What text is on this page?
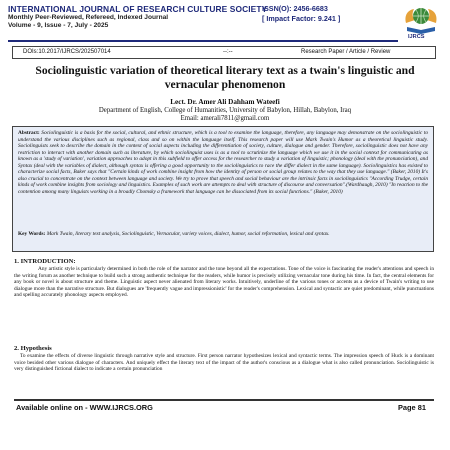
INTERNATIONAL JOURNAL OF RESEARCH CULTURE SOCIETY
Monthly Peer-Reviewed, Refereed, Indexed Journal
Volume - 9, Issue - 7, July - 2025
ISSN(O): 2456-6683
[ Impact Factor: 9.241 ]
IJRCS
DOIs:10.2017/IJRCS/202507014	--:--	Research Paper / Article / Review
Sociolinguistic variation of theoretical literary text as a twain's linguistic and vernacular phenomenon
Lect. Dr. Amer Ali Dahham Wateefi
Department of English, College of Humanities, University of Babylon, Hillah, Babylon, Iraq
Email: amerali7811@gmail.com
Abstract: Sociolinguistic is a basis for the social, cultural, and ethnic structure, which is a tool to examine the language, therefore, any language may demonstrate on the sociolinguistic to understand the various disciplines such as regional, class and so on within the language itself. This research paper will use Mark Twain's Humor as a theoretical linguistic study. Sociolinguists seek to describe the domain in the context of social aspects including the differentiation of society, culture, dialogue and gender. Therefore, sociolinguistic does not have any restriction to interact with another domain such as literature, by which sociolinguist uses is as a tool to scrutinize the language which we use it in the social context for communicating as known as a 'study of variation', variation approaches to adopt in this subfield to offer access for the researcher to study a variation of linguistic; phonology (deal with the pronunciation), and Syntax (deal with the variables of dialect, although syntax is offering a good opportunity to the sociolinguistics to race the differ dialect in the same language). Sociolinguistics has existed to characterize social facts, Baker says that "Certain kinds of work combine insight from how the identity of person or social group relates to the way that they use language." (Baker, 2010) It's also crucial to concentrate on the context between language and society. We try to prove that speech and social behaviour are the intrinsic facts in sociolinguistics "According Trudge, certain kinds of work combine insights from sociology and linguistics. Examples of such work are attempts to deal with structure of discourse and conversation".(Wardhaugh, 2010) "In reaction to the contention among many linguists working in a broadly Chomsky a framework that language can be dissociated from its social functions." (Baker, 2010)
Key Words: Mark Twain, literary text analysis, Sociolinguistic, Vernacular, variety voices, dialect, humor, social reformation, lexical and syntax.
1. INTRODUCTION:
Any artistic style is particularly determined in both the role of the narrator and the tone beyond all the expectations. Tone of the voice is fascinating the reader's attentions and speech in the writing forum as another technique to build such a strong authentic technique for the readers, while humor is precisely utilizing vernacular tone during his time. In fact, the central elements for any book or novel is about structure and theme. Linguistic aspect never alienated from literary works. Intuitively, underline of the various tones or accents as a device of Twain's writing to use dialogue more than the narrative structure. But dialogues are 'frequently vague and impressionistic' for the reader's comprehension. Lexical and syntactic are quiet predominant, while punctuations and spelling accurately phonology aspects employed.
2. Hypothesis
To examine the effects of diverse linguistic through narrative style and structure. First person narrator hypothesizes lexical and syntactic terms. The impression speech of Huck is a dominant voice besided other various dialogue of characters. And uniquely effect the literary text of the impact of the author's conscious as a dialogue what is also called pronunciation. Sociolinguistic is very distinguished fictional dialect to indicate a certain pronunciation
Available online on - WWW.IJRCS.ORG	Page 81
